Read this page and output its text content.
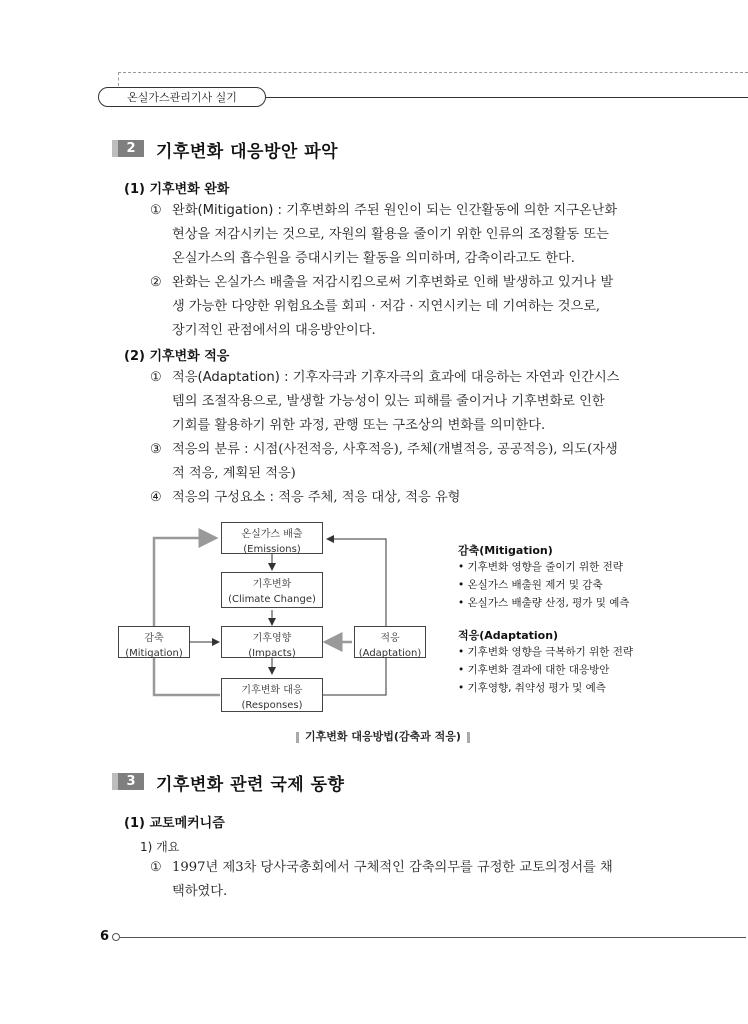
온실가스관리기사 실기
2	기후변화 대응방안 파악
(1) 기후변화 완화
① 완화(Mitigation) : 기후변화의 주된 원인이 되는 인간활동에 의한 지구온난화
현상을 저감시키는 것으로, 자원의 활용을 줄이기 위한 인류의 조정활동 또는
온실가스의 흡수원을 증대시키는 활동을 의미하며, 감축이라고도 한다.
② 완화는 온실가스 배출을 저감시킴으로써 기후변화로 인해 발생하고 있거나 발
생 가능한 다양한 위험요소를 회피 · 저감 · 지연시키는 데 기여하는 것으로,
장기적인 관점에서의 대응방안이다.
(2) 기후변화 적응
① 적응(Adaptation) : 기후자극과 기후자극의 효과에 대응하는 자연과 인간시스
템의 조절작용으로, 발생할 가능성이 있는 피해를 줄이거나 기후변화로 인한
기회를 활용하기 위한 과정, 관행 또는 구조상의 변화를 의미한다.
③ 적응의 분류 : 시점(사전적응, 사후적응), 주체(개별적응, 공공적응), 의도(자생
적 적응, 계획된 적응)
④ 적응의 구성요소 : 적응 주체, 적응 대상, 적응 유형
온실가스 배출
(Emissions)
기후변화
(Climate Change)
기후영향
(Impacts)
기후변화 대응
(Responses)
감축
(Mitigation)
적응
(Adaptation)
감축(Mitigation)
• 기후변화 영향을 줄이기 위한 전략
• 온실가스 배출원 제거 및 감축
• 온실가스 배출량 산정, 평가 및 예측
적응(Adaptation)
• 기후변화 영향을 극복하기 위한 전략
• 기후변화 결과에 대한 대응방안
• 기후영향, 취약성 평가 및 예측
기후변화 대응방법(감축과 적응)
3	기후변화 관련 국제 동향
(1) 교토메커니즘
1) 개요
① 1997년 제3차 당사국총회에서 구체적인 감축의무를 규정한 교토의정서를 채
택하였다.
6
